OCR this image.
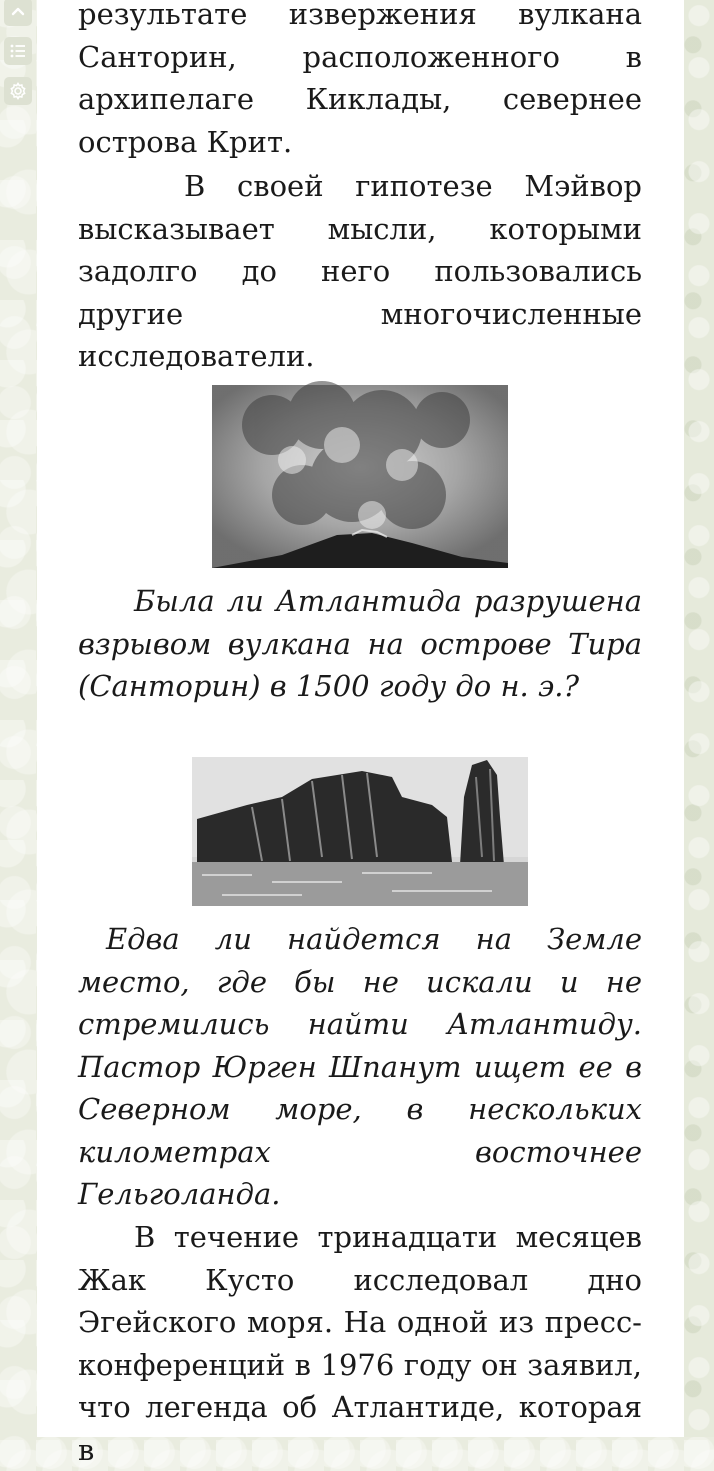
результате извержения вулкана Санторин, расположенного в архипелаге Киклады, севернее острова Крит.

В своей гипотезе Мэйвор высказывает мысли, которыми задолго до него пользовались другие многочисленные исследователи.

Была ли Атлантида разрушена взрывом вулкана на острове Тира (Санторин) в 1500 году до н. э.?

Едва ли найдется на Земле место, где бы не искали и не стремились найти Атлантиду. Пастор Юрген Шпанут ищет ее в Северном море, в нескольких километрах восточнее Гельголанда.

В течение тринадцати месяцев Жак Кусто исследовал дно Эгейского моря. На одной из пресс-конференций в 1976 году он заявил, что легенда об Атлантиде, которая в
